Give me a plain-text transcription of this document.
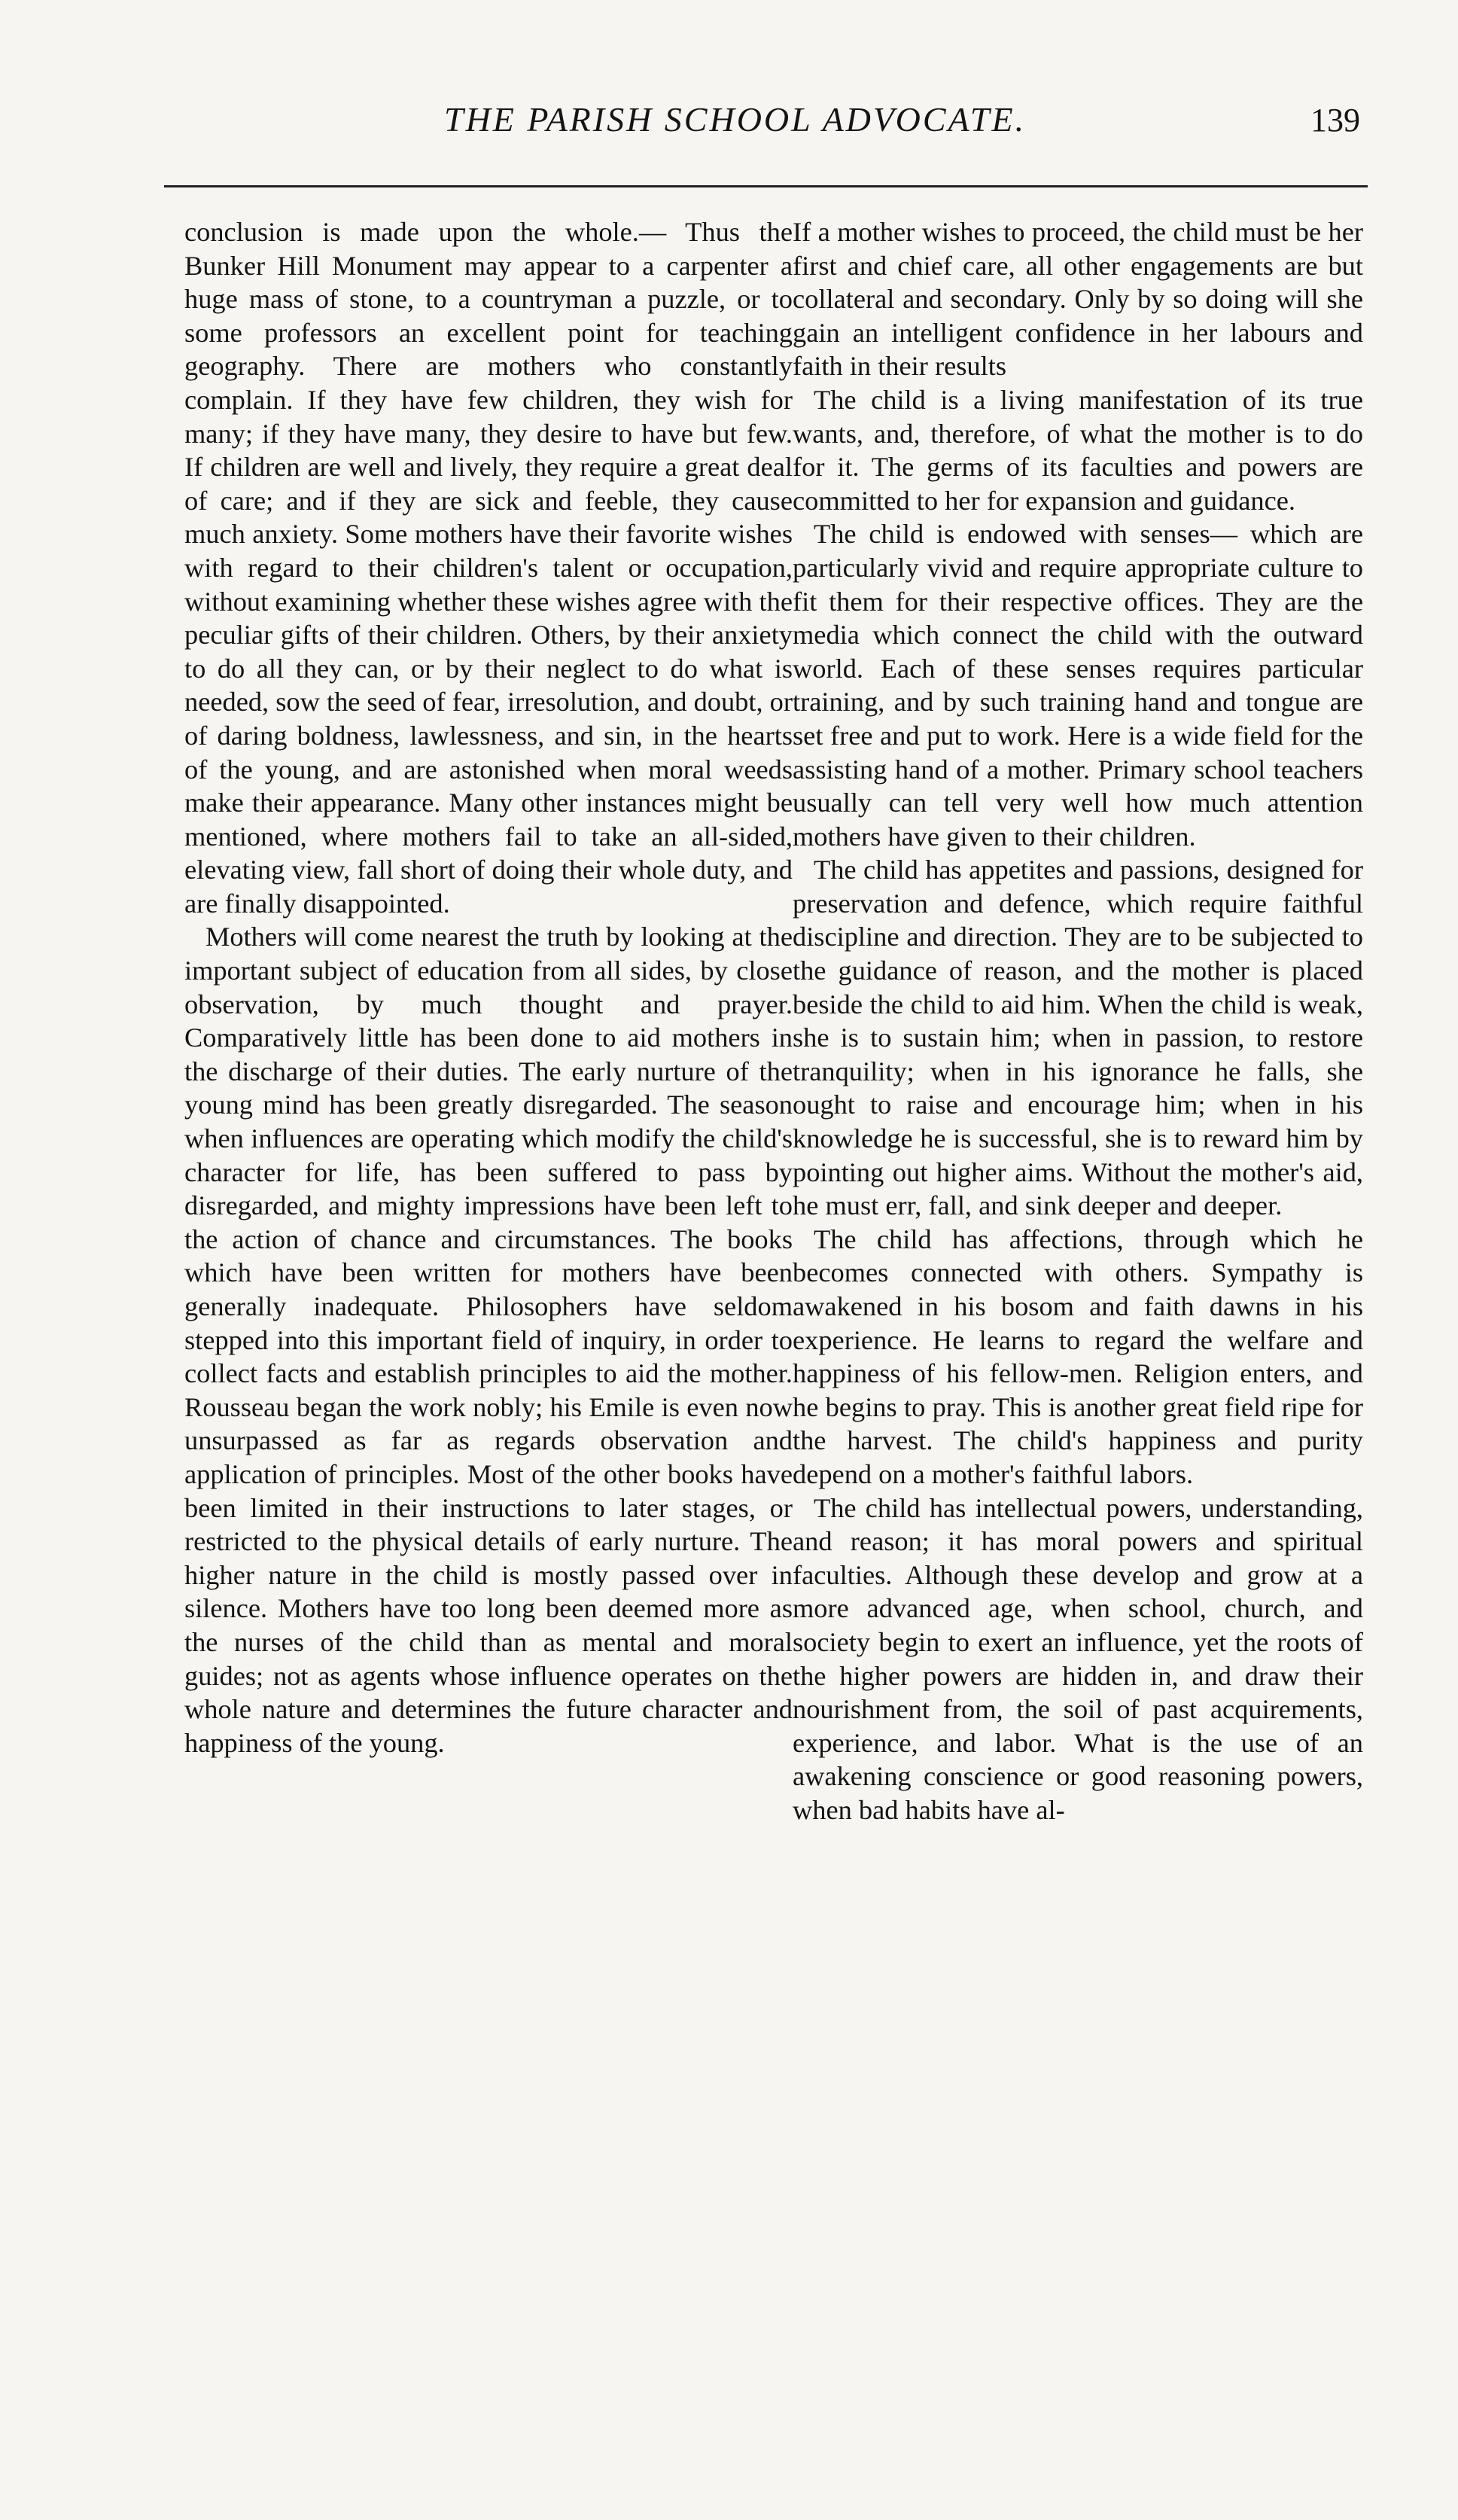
THE PARISH SCHOOL ADVOCATE.	139

conclusion is made upon the whole.— Thus the Bunker Hill Monument may appear to a carpenter a huge mass of stone, to a countryman a puzzle, or to some professors an excellent point for teaching geography. There are mothers who constantly complain. If they have few children, they wish for many; if they have many, they desire to have but few. If children are well and lively, they require a great deal of care; and if they are sick and feeble, they cause much anxiety. Some mothers have their favorite wishes with regard to their children's talent or occupation, without examining whether these wishes agree with the peculiar gifts of their children. Others, by their anxiety to do all they can, or by their neglect to do what is needed, sow the seed of fear, irresolution, and doubt, or of daring boldness, lawlessness, and sin, in the hearts of the young, and are astonished when moral weeds make their appearance. Many other instances might be mentioned, where mothers fail to take an all-sided, elevating view, fall short of doing their whole duty, and are finally disappointed.

Mothers will come nearest the truth by looking at the important subject of education from all sides, by close observation, by much thought and prayer. Comparatively little has been done to aid mothers in the discharge of their duties. The early nurture of the young mind has been greatly disregarded. The season when influences are operating which modify the child's character for life, has been suffered to pass by disregarded, and mighty impressions have been left to the action of chance and circumstances. The books which have been written for mothers have been generally inadequate. Philosophers have seldom stepped into this important field of inquiry, in order to collect facts and establish principles to aid the mother. Rousseau began the work nobly; his Emile is even now unsurpassed as far as regards observation and application of principles. Most of the other books have been limited in their instructions to later stages, or restricted to the physical details of early nurture. The higher nature in the child is mostly passed over in silence. Mothers have too long been deemed more as the nurses of the child than as mental and moral guides; not as agents whose influence operates on the whole nature and determines the future character and happiness of the young.

If a mother wishes to proceed, the child must be her first and chief care, all other engagements are but collateral and secondary. Only by so doing will she gain an intelligent confidence in her labours and faith in their results

The child is a living manifestation of its true wants, and, therefore, of what the mother is to do for it. The germs of its faculties and powers are committed to her for expansion and guidance.

The child is endowed with senses— which are particularly vivid and require appropriate culture to fit them for their respective offices. They are the media which connect the child with the outward world. Each of these senses requires particular training, and by such training hand and tongue are set free and put to work. Here is a wide field for the assisting hand of a mother. Primary school teachers usually can tell very well how much attention mothers have given to their children.

The child has appetites and passions, designed for preservation and defence, which require faithful discipline and direction. They are to be subjected to the guidance of reason, and the mother is placed beside the child to aid him. When the child is weak, she is to sustain him; when in passion, to restore tranquility; when in his ignorance he falls, she ought to raise and encourage him; when in his knowledge he is successful, she is to reward him by pointing out higher aims. Without the mother's aid, he must err, fall, and sink deeper and deeper.

The child has affections, through which he becomes connected with others. Sympathy is awakened in his bosom and faith dawns in his experience. He learns to regard the welfare and happiness of his fellow-men. Religion enters, and he begins to pray. This is another great field ripe for the harvest. The child's happiness and purity depend on a mother's faithful labors.

The child has intellectual powers, understanding, and reason; it has moral powers and spiritual faculties. Although these develop and grow at a more advanced age, when school, church, and society begin to exert an influence, yet the roots of the higher powers are hidden in, and draw their nourishment from, the soil of past acquirements, experience, and labor. What is the use of an awakening conscience or good reasoning powers, when bad habits have al-
